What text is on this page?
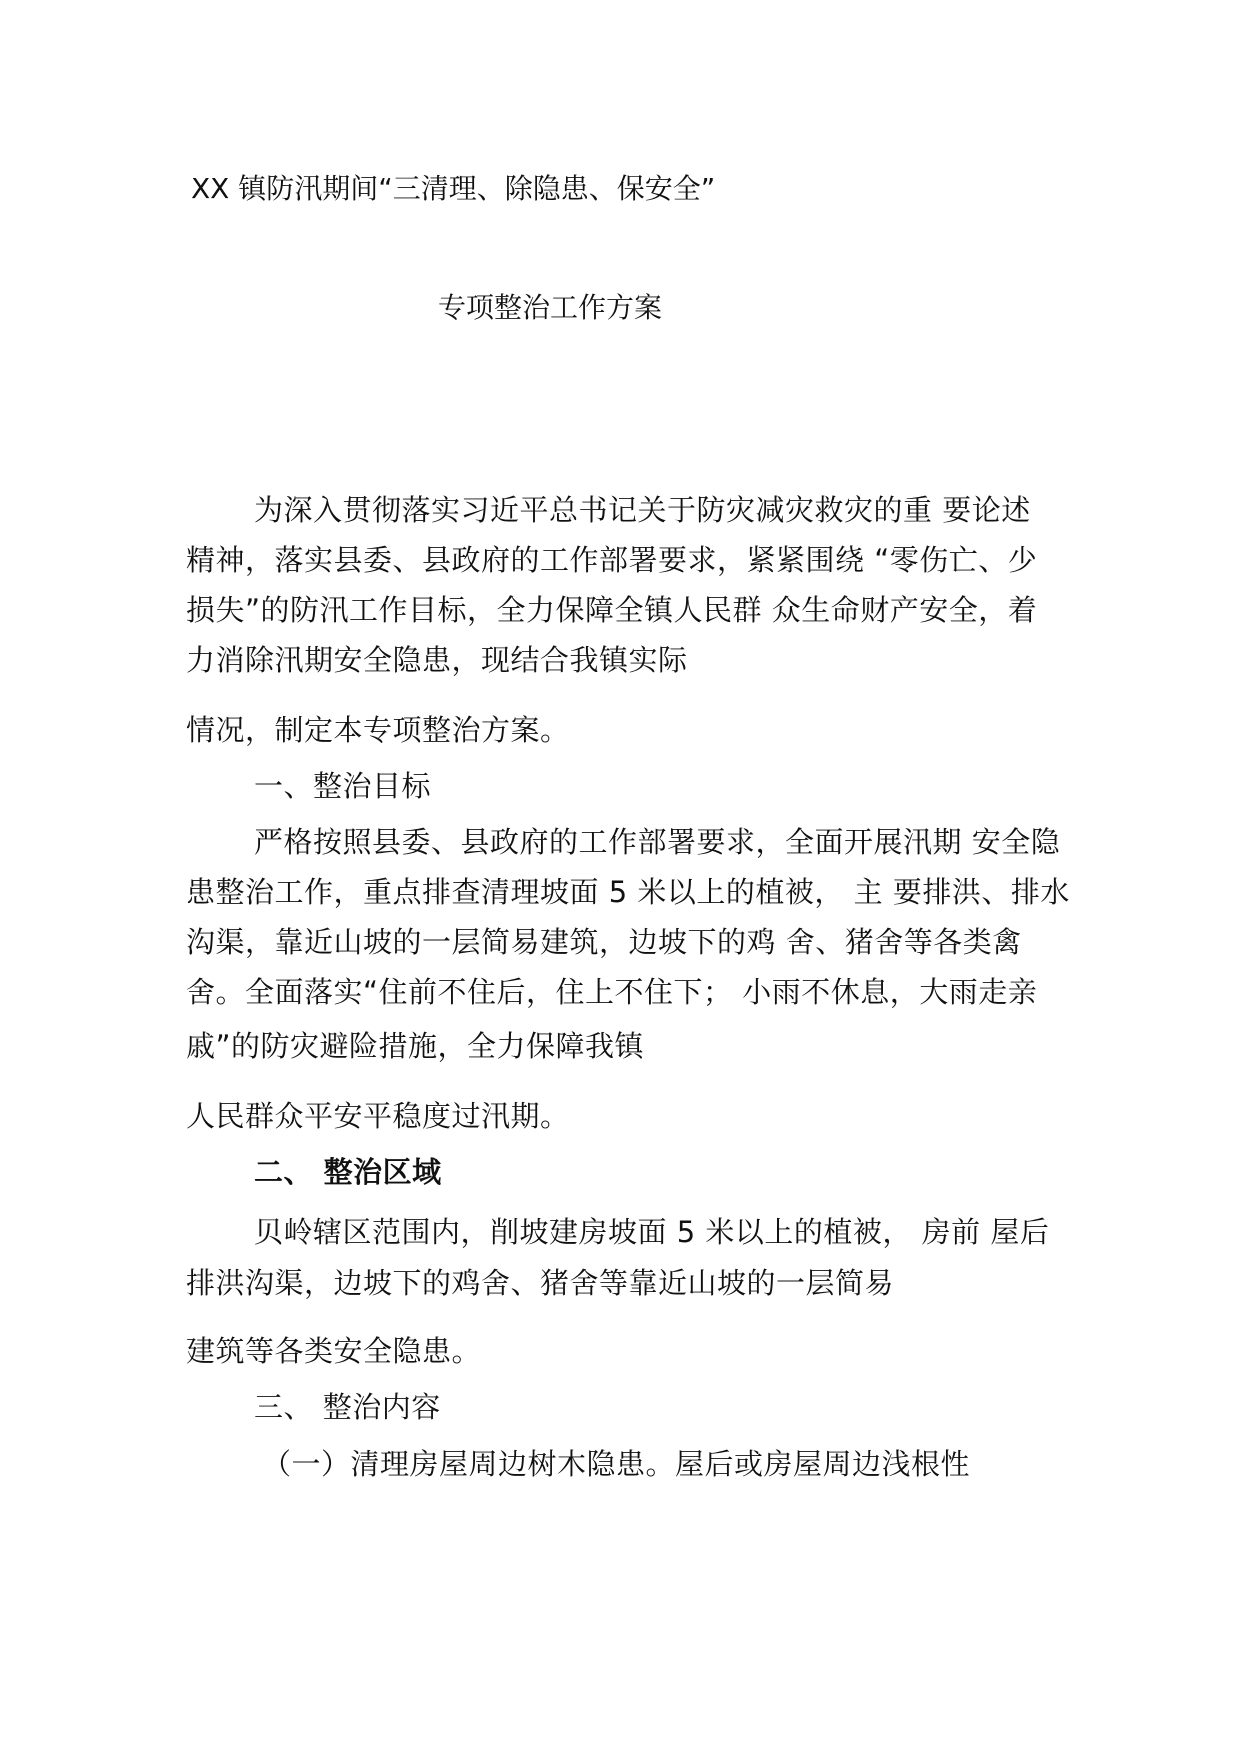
XX 镇防汛期间“三清理、除隐患、保安全”
专项整治工作方案
为深入贯彻落实习近平总书记关于防灾减灾救灾的重 要论述
精神，落实县委、县政府的工作部署要求，紧紧围绕 “零伤亡、少
损失”的防汛工作目标，全力保障全镇人民群 众生命财产安全，着
力消除汛期安全隐患，现结合我镇实际
情况，制定本专项整治方案。
一、整治目标
严格按照县委、县政府的工作部署要求，全面开展汛期 安全隐
患整治工作，重点排查清理坡面 5 米以上的植被， 主 要排洪、排水
沟渠，靠近山坡的一层简易建筑，边坡下的鸡 舍、猪舍等各类禽
舍。全面落实“住前不住后，住上不住下； 小雨不休息，大雨走亲
戚”的防灾避险措施，全力保障我镇
人民群众平安平稳度过汛期。
二、 整治区域
贝岭辖区范围内，削坡建房坡面 5 米以上的植被， 房前 屋后
排洪沟渠，边坡下的鸡舍、猪舍等靠近山坡的一层简易
建筑等各类安全隐患。
三、 整治内容
（一）清理房屋周边树木隐患。屋后或房屋周边浅根性
